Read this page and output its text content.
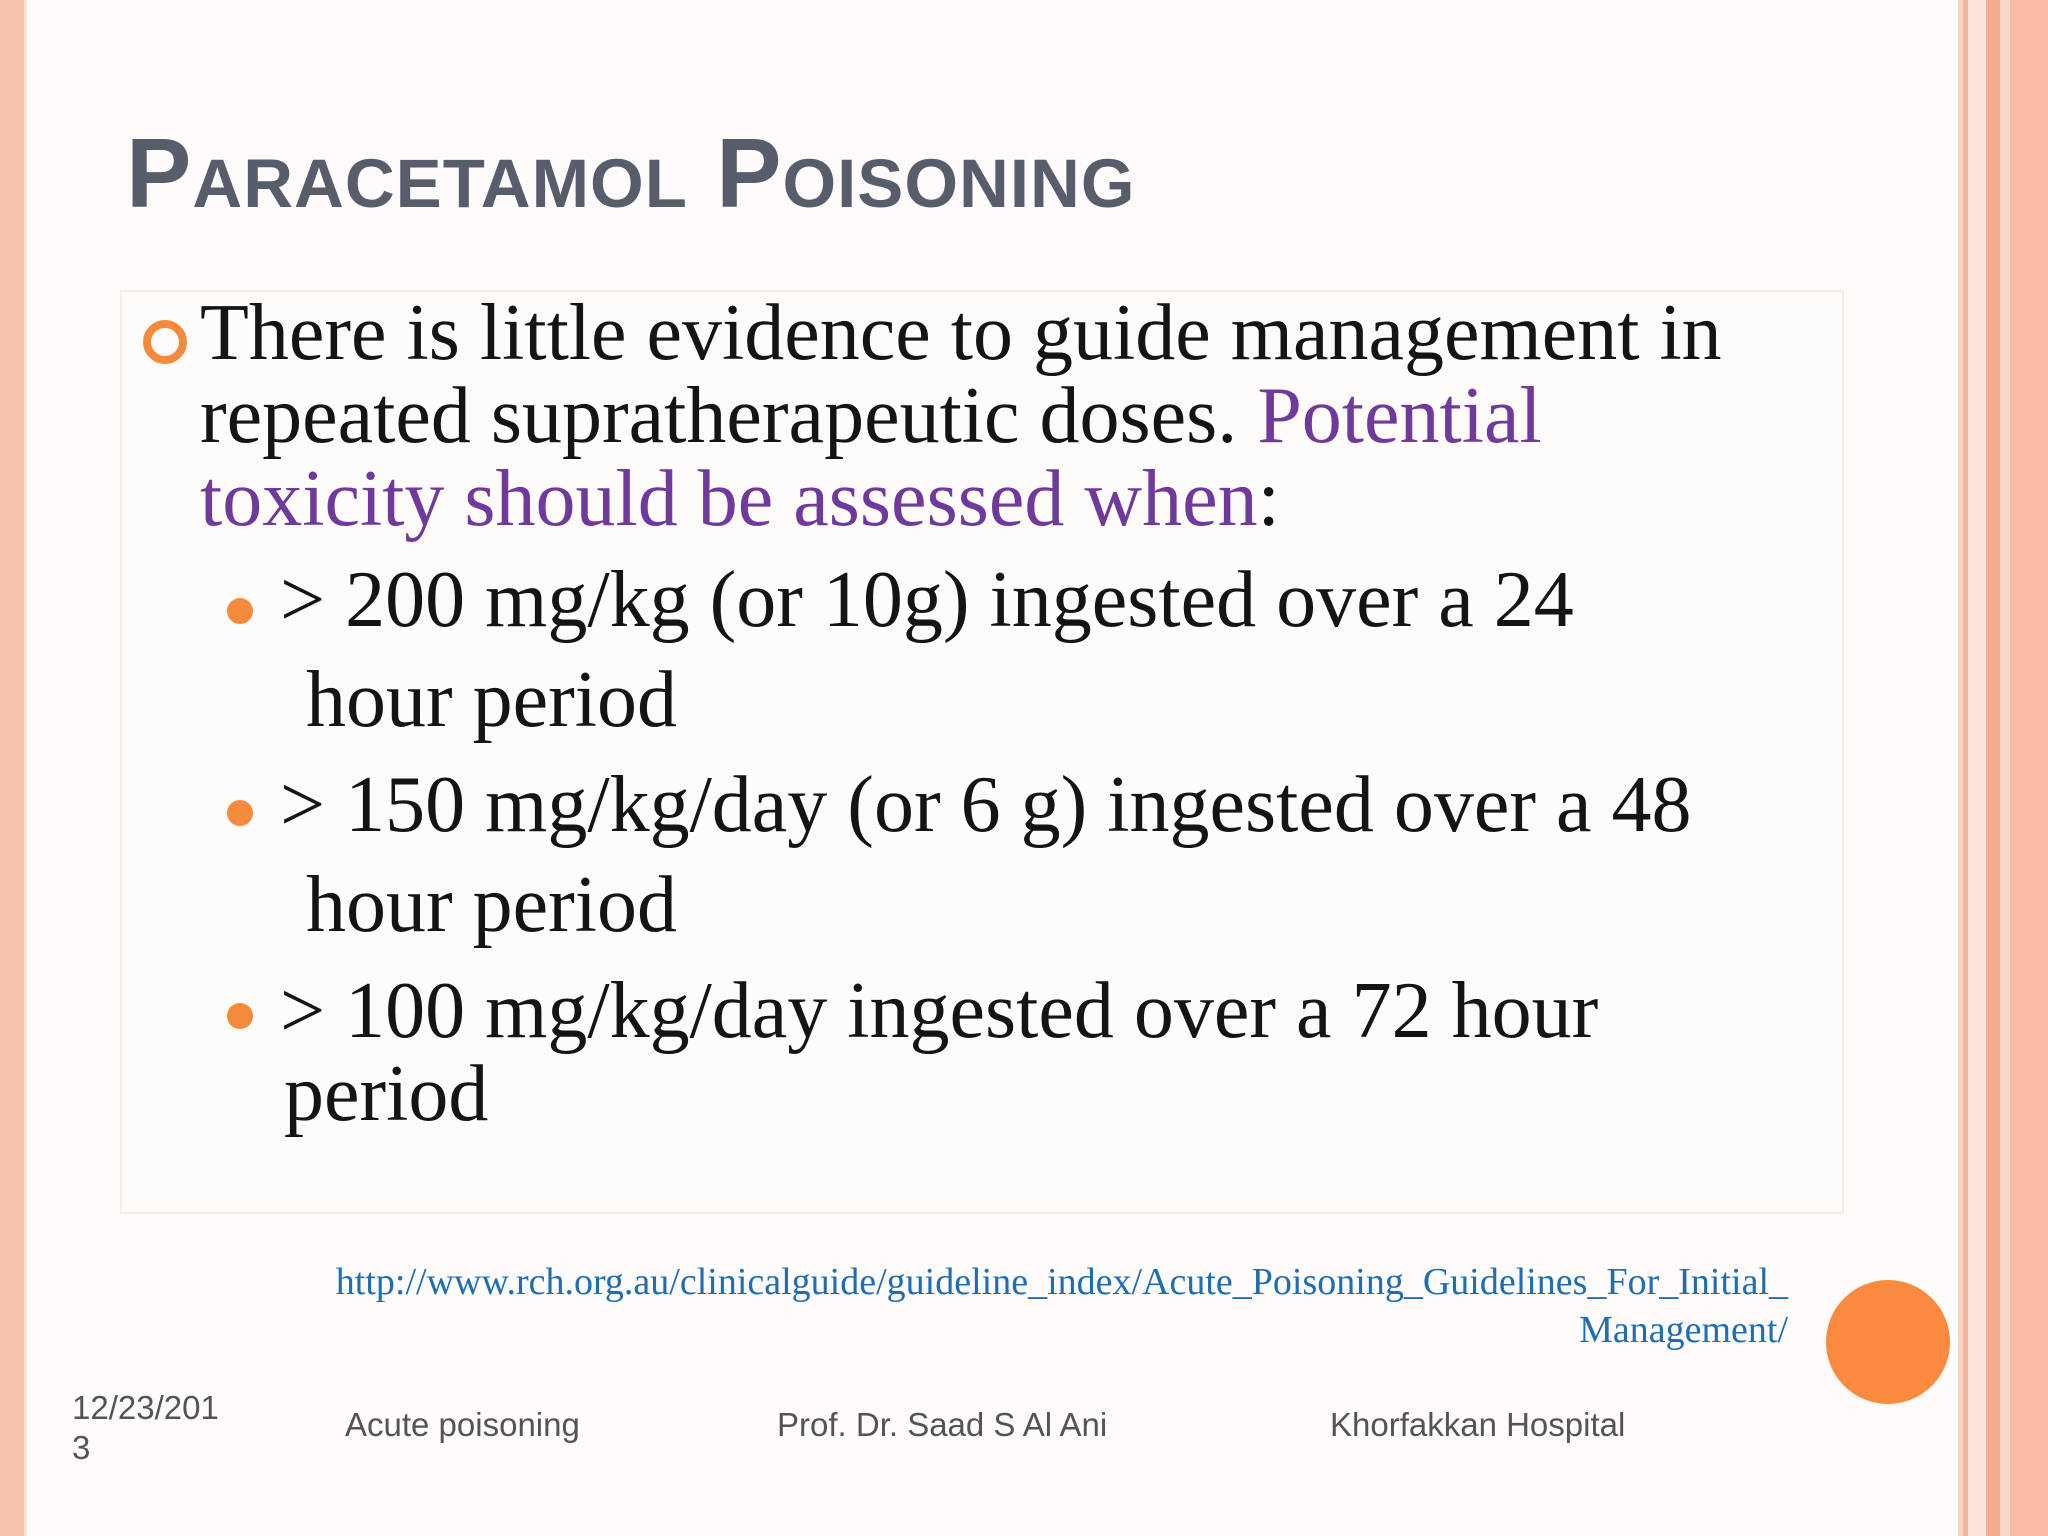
Paracetamol Poisoning
There is little evidence to guide management in repeated supratherapeutic doses. Potential toxicity should be assessed when:
> 200 mg/kg (or 10g) ingested over a 24
hour period
> 150 mg/kg/day (or 6 g) ingested over a 48
hour period
> 100 mg/kg/day ingested over a 72 hour
period
http://www.rch.org.au/clinicalguide/guideline_index/Acute_Poisoning_Guidelines_For_Initial_
Management/
12/23/2013
Acute poisoning	Prof. Dr. Saad S Al Ani	Khorfakkan Hospital
